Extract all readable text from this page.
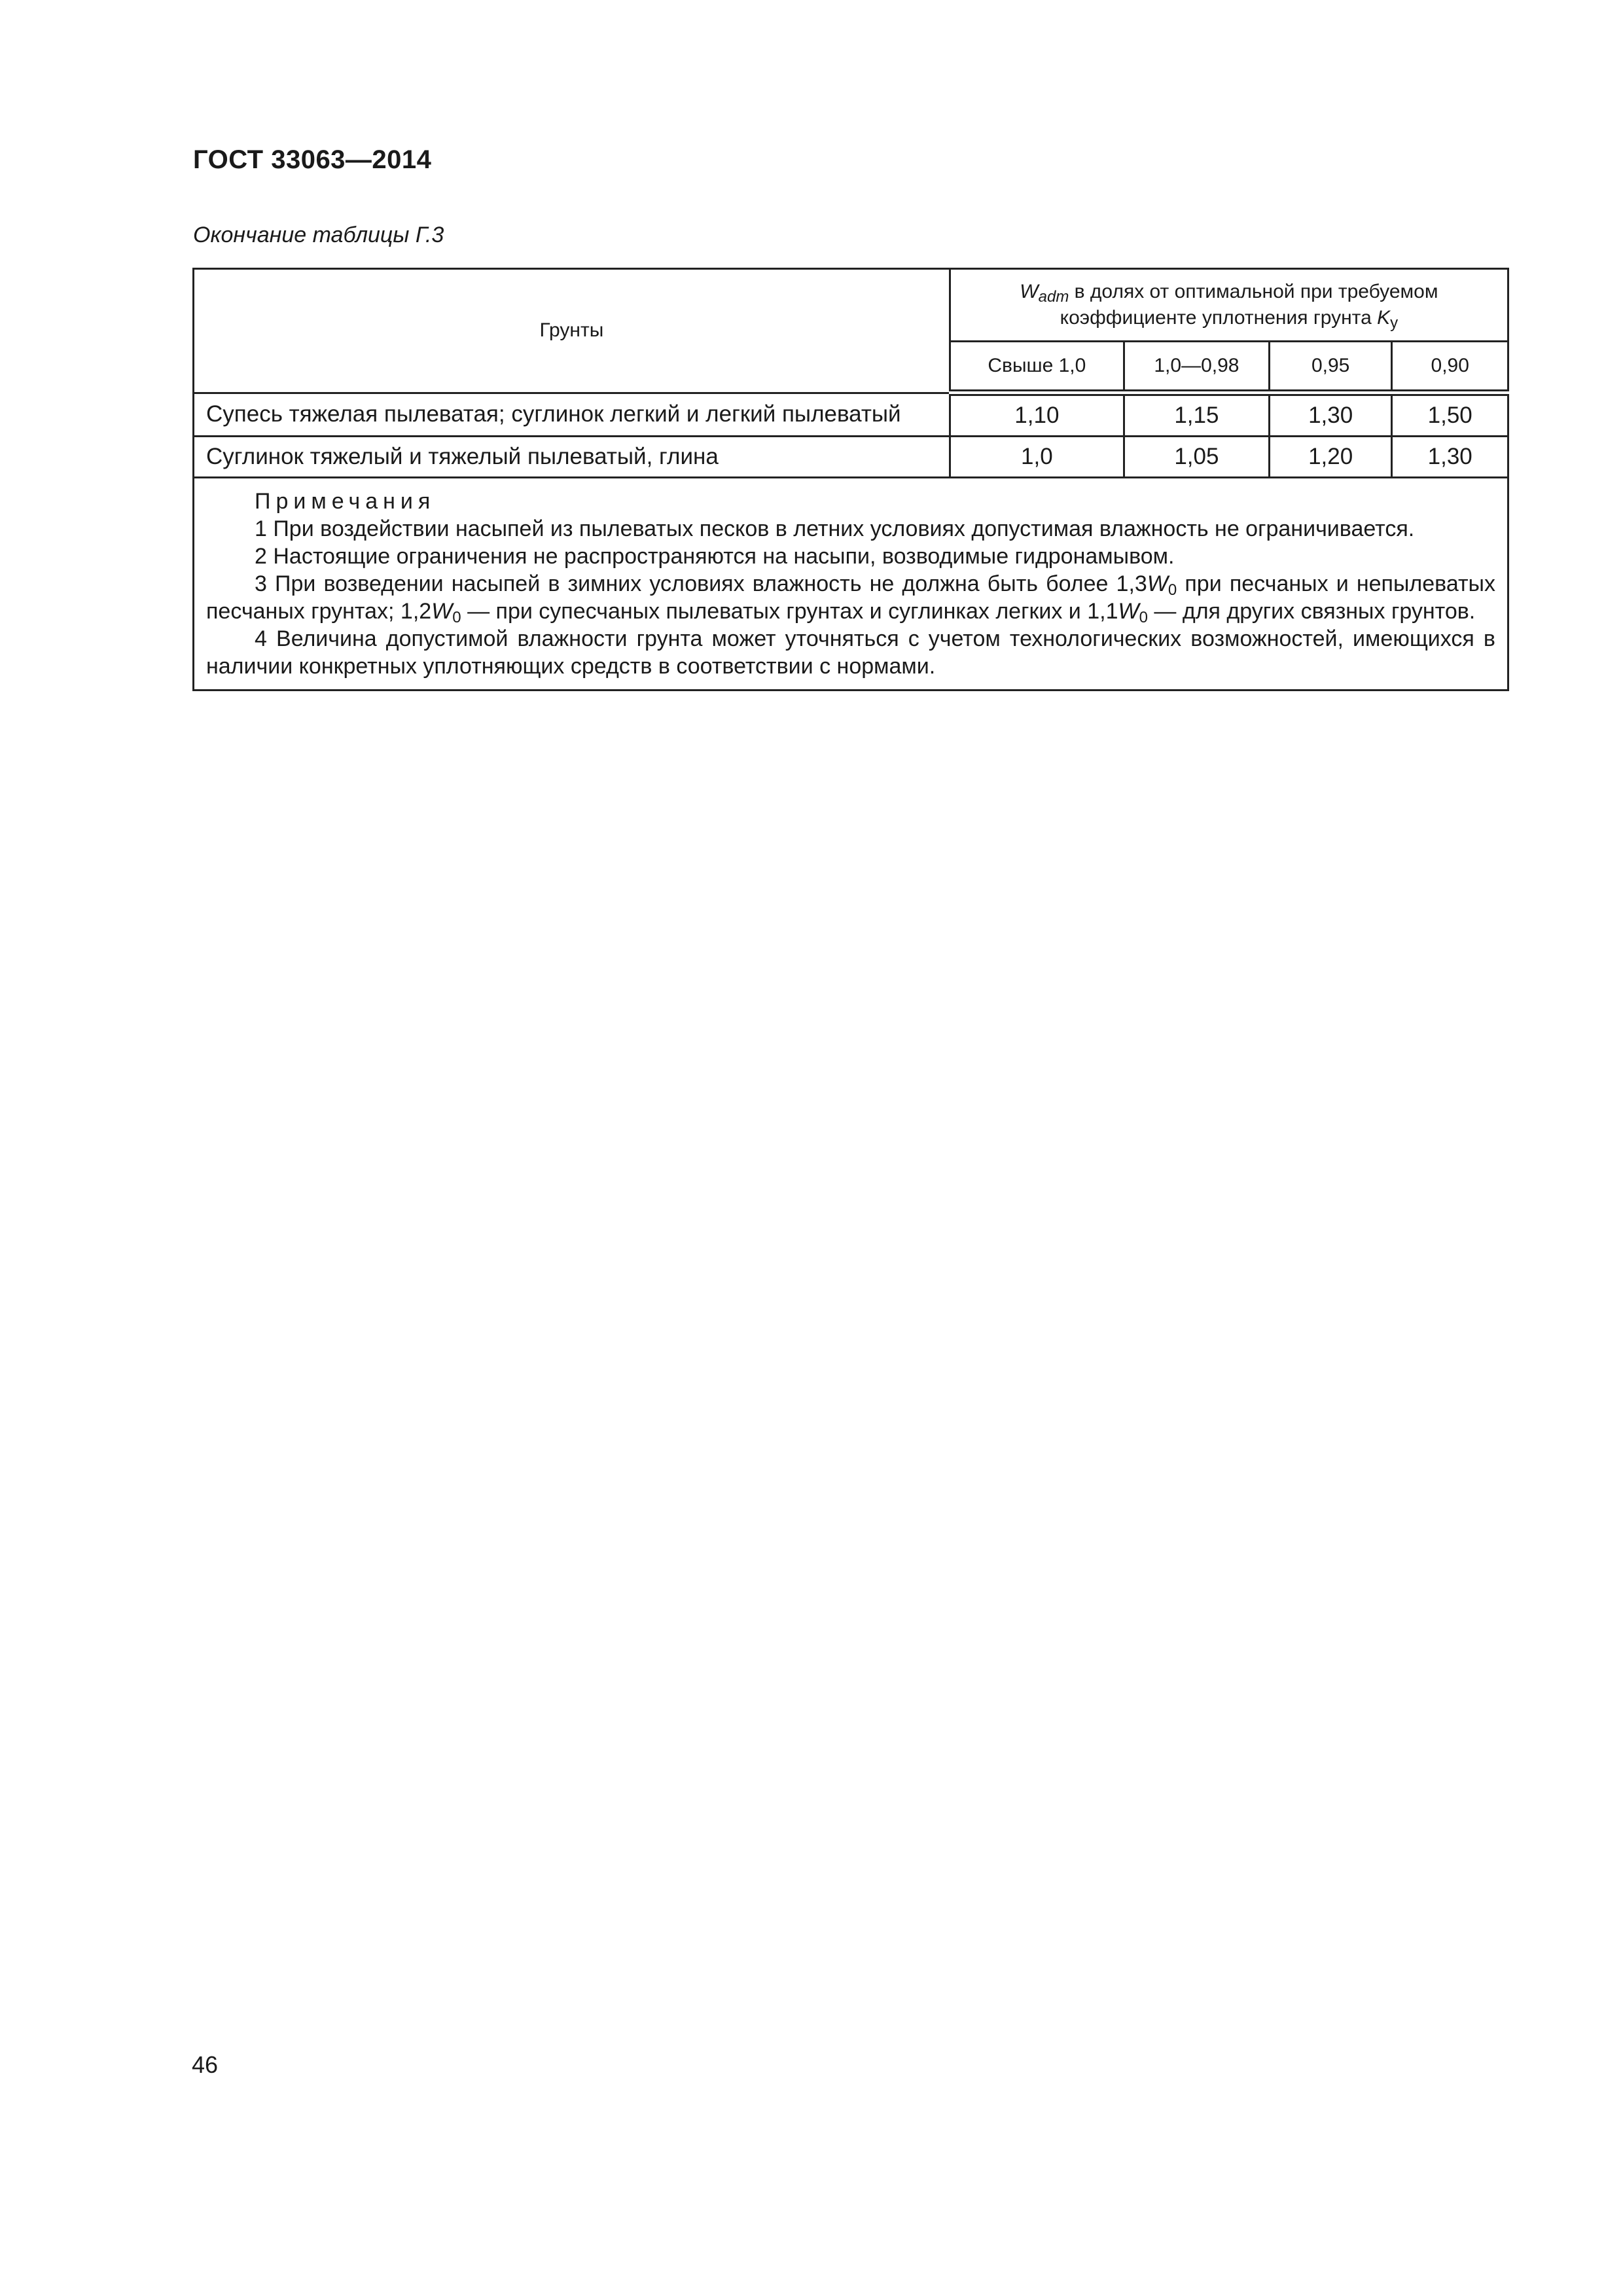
ГОСТ 33063—2014
Окончание таблицы Г.3
Грунты	$W_{adm}$ в долях от оптимальной при требуемом
коэффициенте уплотнения грунта $K_у$
	Свыше 1,0	1,0—0,98	0,95	0,90
Супесь тяжелая пылеватая; суглинок легкий и легкий пылеватый	1,10	1,15	1,30	1,50
Суглинок тяжелый и тяжелый пылеватый, глина	1,0	1,05	1,20	1,30

Примечания

1 При воздействии насыпей из пылеватых песков в летних условиях допустимая влажность не ограничивается.

2 Настоящие ограничения не распространяются на насыпи, возводимые гидронамывом.

3 При возведении насыпей в зимних условиях влажность не должна быть более $1,3W_0$ при песчаных и непылеватых песчаных грунтах; $1,2W_0$ — при супесчаных пылеватых грунтах и суглинках легких и $1,1W_0$ — для других связных грунтов.

4 Величина допустимой влажности грунта может уточняться с учетом технологических возможностей, имеющихся в наличии конкретных уплотняющих средств в соответствии с нормами.				

46
